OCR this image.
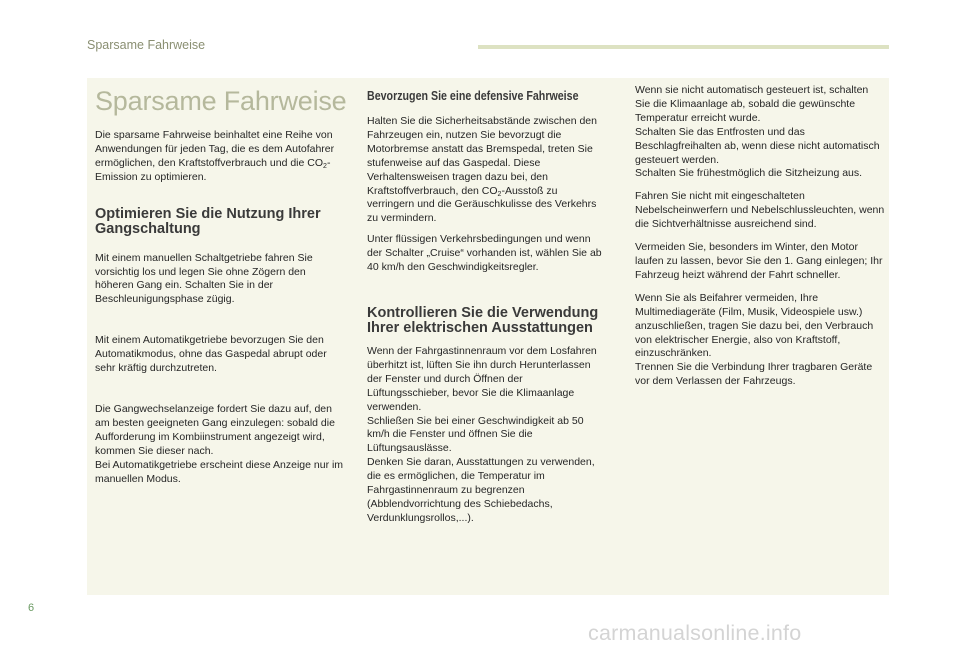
Sparsame Fahrweise
Sparsame Fahrweise

Die sparsame Fahrweise beinhaltet eine Reihe von Anwendungen für jeden Tag, die es dem Autofahrer ermöglichen, den Kraftstoffverbrauch und die $CO_2$-Emission zu optimieren.

Optimieren Sie die Nutzung Ihrer Gangschaltung

Mit einem manuellen Schaltgetriebe fahren Sie vorsichtig los und legen Sie ohne Zögern den höheren Gang ein. Schalten Sie in der Beschleunigungsphase zügig.

Mit einem Automatikgetriebe bevorzugen Sie den Automatikmodus, ohne das Gaspedal abrupt oder sehr kräftig durchzutreten.

Die Gangwechselanzeige fordert Sie dazu auf, den am besten geeigneten Gang einzulegen: sobald die Aufforderung im Kombiinstrument angezeigt wird, kommen Sie dieser nach.

Bei Automatikgetriebe erscheint diese Anzeige nur im manuellen Modus.

Bevorzugen Sie eine defensive Fahrweise

Halten Sie die Sicherheitsabstände zwischen den Fahrzeugen ein, nutzen Sie bevorzugt die Motorbremse anstatt das Bremspedal, treten Sie stufenweise auf das Gaspedal. Diese Verhaltensweisen tragen dazu bei, den Kraftstoffverbrauch, den $CO_2$-Ausstoß zu verringern und die Geräuschkulisse des Verkehrs zu vermindern.

Unter flüssigen Verkehrsbedingungen und wenn der Schalter „Cruise“ vorhanden ist, wählen Sie ab 40 km/h den Geschwindigkeitsregler.

Kontrollieren Sie die Verwendung Ihrer elektrischen Ausstattungen

Wenn der Fahrgastinnenraum vor dem Losfahren überhitzt ist, lüften Sie ihn durch Herunterlassen der Fenster und durch Öffnen der Lüftungsschieber, bevor Sie die Klimaanlage verwenden.

Schließen Sie bei einer Geschwindigkeit ab 50 km/h die Fenster und öffnen Sie die Lüftungsauslässe.

Denken Sie daran, Ausstattungen zu verwenden, die es ermöglichen, die Temperatur im Fahrgastinnenraum zu begrenzen (Abblendvorrichtung des Schiebedachs, Verdunklungsrollos,...).

Wenn sie nicht automatisch gesteuert ist, schalten Sie die Klimaanlage ab, sobald die gewünschte Temperatur erreicht wurde.

Schalten Sie das Entfrosten und das Beschlagfreihalten ab, wenn diese nicht automatisch gesteuert werden.

Schalten Sie frühestmöglich die Sitzheizung aus.

Fahren Sie nicht mit eingeschalteten Nebelscheinwerfern und Nebelschlussleuchten, wenn die Sichtverhältnisse ausreichend sind.

Vermeiden Sie, besonders im Winter, den Motor laufen zu lassen, bevor Sie den 1. Gang einlegen; Ihr Fahrzeug heizt während der Fahrt schneller.

Wenn Sie als Beifahrer vermeiden, Ihre Multimediageräte (Film, Musik, Videospiele usw.) anzuschließen, tragen Sie dazu bei, den Verbrauch von elektrischer Energie, also von Kraftstoff, einzuschränken.

Trennen Sie die Verbindung Ihrer tragbaren Geräte vor dem Verlassen der Fahrzeugs.

6
carmanualsonline.info
